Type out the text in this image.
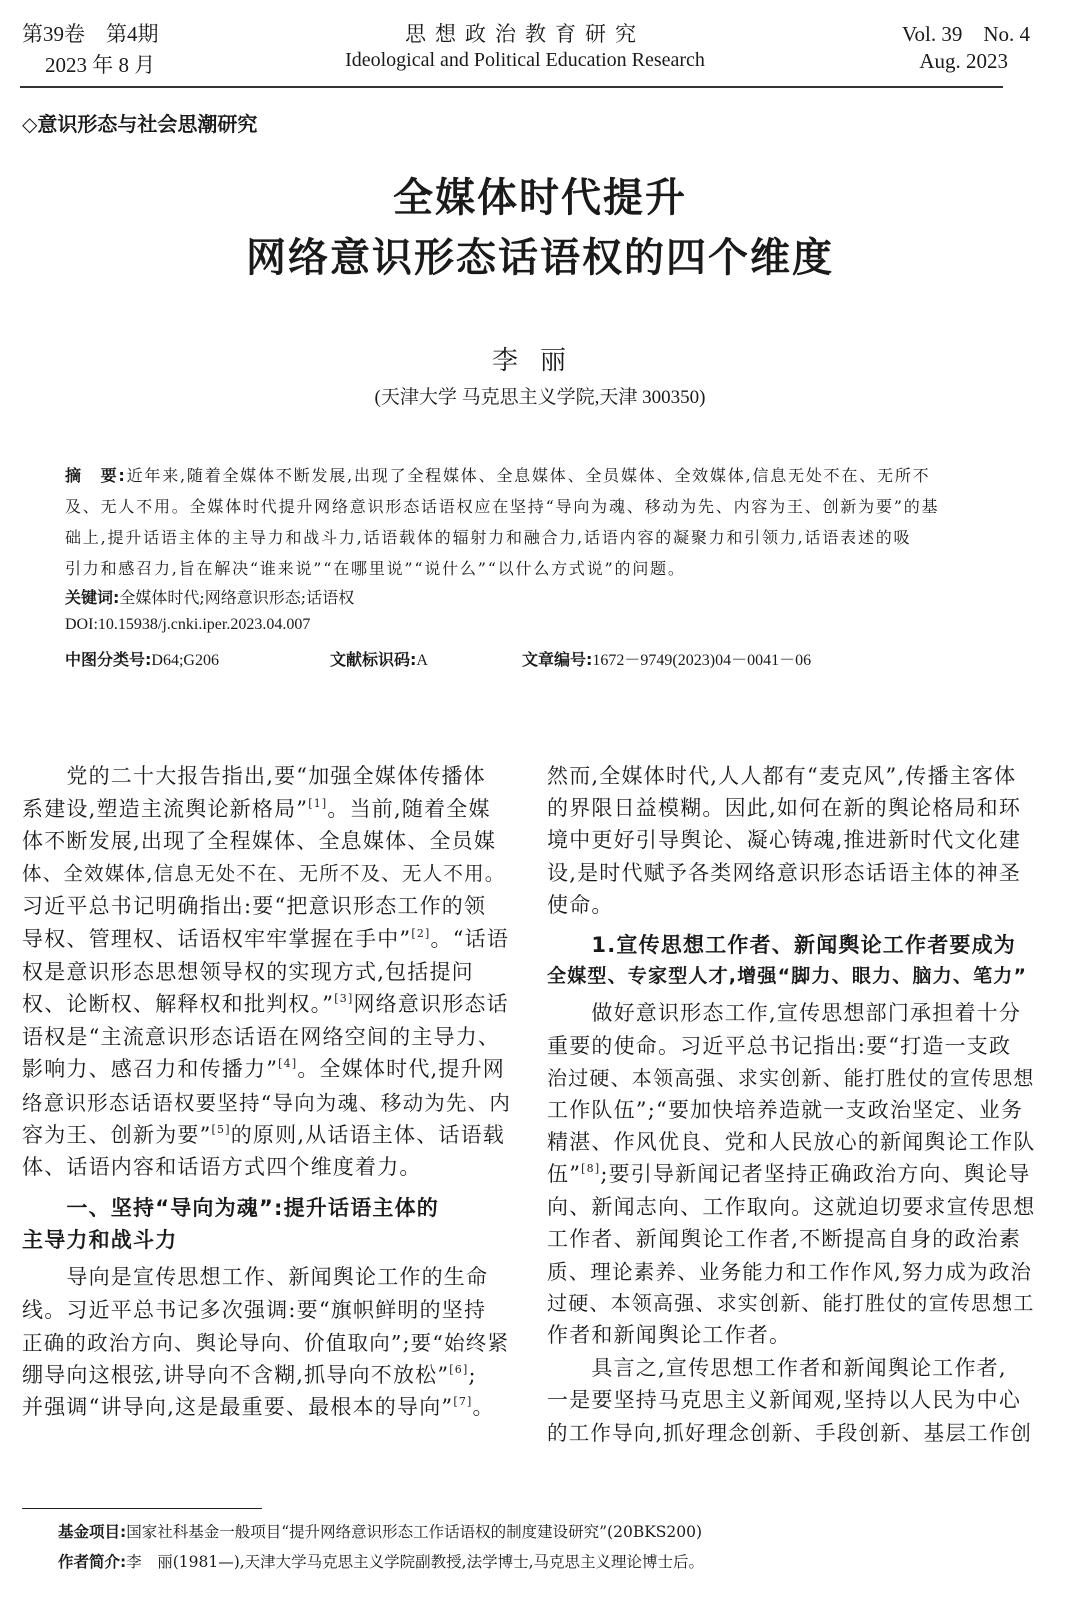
第39卷　第4期
2023 年 8 月
思想政治教育研究
Ideological and Political Education Research
Vol. 39　No. 4
Aug. 2023
◇意识形态与社会思潮研究
全媒体时代提升
网络意识形态话语权的四个维度
李丽
(天津大学 马克思主义学院,天津 300350)
摘　要:近年来,随着全媒体不断发展,出现了全程媒体、全息媒体、全员媒体、全效媒体,信息无处不在、无所不
及、无人不用。全媒体时代提升网络意识形态话语权应在坚持“导向为魂、移动为先、内容为王、创新为要”的基
础上,提升话语主体的主导力和战斗力,话语载体的辐射力和融合力,话语内容的凝聚力和引领力,话语表述的吸
引力和感召力,旨在解决“谁来说”“在哪里说”“说什么”“以什么方式说”的问题。
关键词:全媒体时代;网络意识形态;话语权
DOI:10.15938/j.cnki.iper.2023.04.007
中图分类号:D64;G206	文献标识码:A	文章编号:1672－9749(2023)04－0041－06
　　党的二十大报告指出,要“加强全媒体传播体
系建设,塑造主流舆论新格局”[1]。当前,随着全媒
体不断发展,出现了全程媒体、全息媒体、全员媒
体、全效媒体,信息无处不在、无所不及、无人不用。
习近平总书记明确指出:要“把意识形态工作的领
导权、管理权、话语权牢牢掌握在手中”[2]。“话语
权是意识形态思想领导权的实现方式,包括提问
权、论断权、解释权和批判权。”[3]网络意识形态话
语权是“主流意识形态话语在网络空间的主导力、
影响力、感召力和传播力”[4]。全媒体时代,提升网
络意识形态话语权要坚持“导向为魂、移动为先、内
容为王、创新为要”[5]的原则,从话语主体、话语载
体、话语内容和话语方式四个维度着力。
　　一、坚持“导向为魂”:提升话语主体的
主导力和战斗力
　　导向是宣传思想工作、新闻舆论工作的生命
线。习近平总书记多次强调:要“旗帜鲜明的坚持
正确的政治方向、舆论导向、价值取向”;要“始终紧
绷导向这根弦,讲导向不含糊,抓导向不放松”[6];
并强调“讲导向,这是最重要、最根本的导向”[7]。
然而,全媒体时代,人人都有“麦克风”,传播主客体
的界限日益模糊。因此,如何在新的舆论格局和环
境中更好引导舆论、凝心铸魂,推进新时代文化建
设,是时代赋予各类网络意识形态话语主体的神圣
使命。
　　1.宣传思想工作者、新闻舆论工作者要成为
全媒型、专家型人才,增强“脚力、眼力、脑力、笔力”
　　做好意识形态工作,宣传思想部门承担着十分
重要的使命。习近平总书记指出:要“打造一支政
治过硬、本领高强、求实创新、能打胜仗的宣传思想
工作队伍”;“要加快培养造就一支政治坚定、业务
精湛、作风优良、党和人民放心的新闻舆论工作队
伍”[8];要引导新闻记者坚持正确政治方向、舆论导
向、新闻志向、工作取向。这就迫切要求宣传思想
工作者、新闻舆论工作者,不断提高自身的政治素
质、理论素养、业务能力和工作作风,努力成为政治
过硬、本领高强、求实创新、能打胜仗的宣传思想工
作者和新闻舆论工作者。
　　具言之,宣传思想工作者和新闻舆论工作者,
一是要坚持马克思主义新闻观,坚持以人民为中心
的工作导向,抓好理念创新、手段创新、基层工作创
基金项目:国家社科基金一般项目“提升网络意识形态工作话语权的制度建设研究”(20BKS200)
作者简介:李　丽(1981—),天津大学马克思主义学院副教授,法学博士,马克思主义理论博士后。
